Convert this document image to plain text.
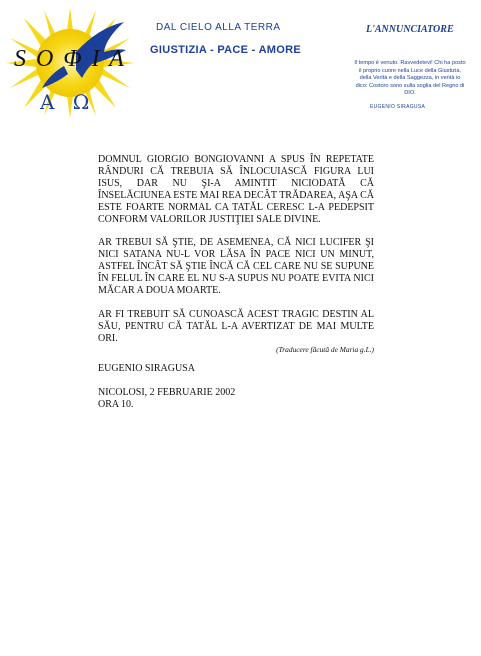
S O Φ I A
Α Ω
DAL CIELO ALLA TERRA
GIUSTIZIA - PACE - AMORE
L'ANNUNCIATORE
Il tempo è venuto. Ravvedetevi! Chi ha posto il proprio cuore nella Luce della Giustizia, della Verità e della Saggezza, in verità io dico: Costoro sono sulla soglia del Regno di DIO.
EUGENIO SIRAGUSA

DOMNUL GIORGIO BONGIOVANNI A SPUS ÎN REPETATE RÂNDURI CĂ TREBUIA SĂ ÎNLOCUIASCĂ FIGURA LUI ISUS, DAR NU ŞI-A AMINTIT NICIODATĂ CĂ ÎNSELĂCIUNEA ESTE MAI REA DECÂT TRĂDAREA, AŞA CĂ ESTE FOARTE NORMAL CA TATĂL CERESC L-A PEDEPSIT CONFORM VALORILOR JUSTIŢIEI SALE DIVINE.

AR TREBUI SĂ ŞTIE, DE ASEMENEA, CĂ NICI LUCIFER ŞI NICI SATANA NU-L VOR LĂSA ÎN PACE NICI UN MINUT, ASTFEL ÎNCÂT SĂ ŞTIE ÎNCĂ CĂ CEL CARE NU SE SUPUNE ÎN FELUL ÎN CARE EL NU S-A SUPUS NU POATE EVITA NICI MĂCAR A DOUA MOARTE.

AR FI TREBUIT SĂ CUNOASCĂ ACEST TRAGIC DESTIN AL SĂU, PENTRU CĂ TATĂL L-A AVERTIZAT DE MAI MULTE ORI.

(Traducere făcută de Maria g.L.)

EUGENIO SIRAGUSA

NICOLOSI, 2 FEBRUARIE 2002

ORA 10.
